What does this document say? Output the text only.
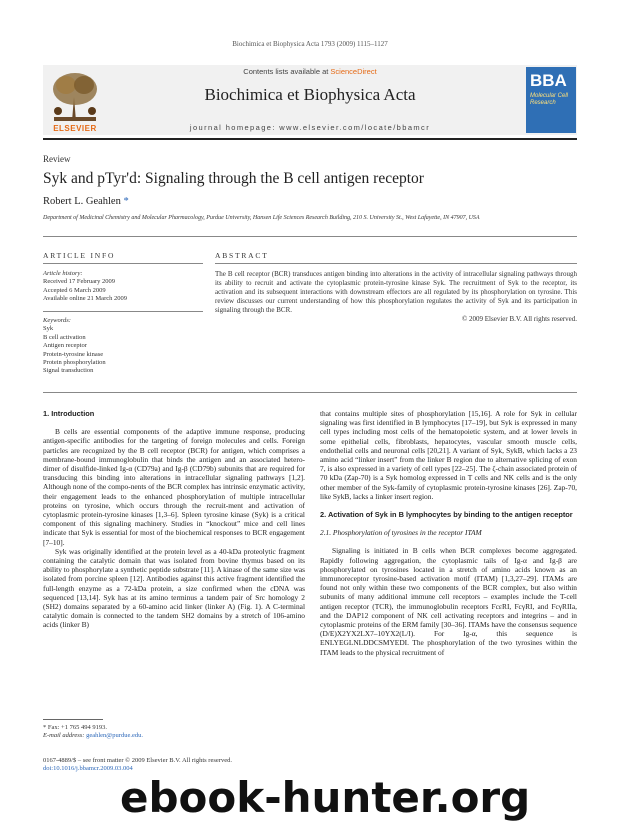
Biochimica et Biophysica Acta 1793 (2009) 1115–1127
ELSEVIER
Contents lists available at ScienceDirect
Biochimica et Biophysica Acta
journal homepage: www.elsevier.com/locate/bbamcr
BBA
Molecular Cell Research
Review
Syk and pTyr'd: Signaling through the B cell antigen receptor
Robert L. Geahlen *
Department of Medicinal Chemistry and Molecular Pharmacology, Purdue University, Hansen Life Sciences Research Building, 210 S. University St., West Lafayette, IN 47907, USA
ARTICLE INFO	ABSTRACT
Article history:
Received 17 February 2009
Accepted 6 March 2009
Available online 21 March 2009
Keywords:
Syk
B cell activation
Antigen receptor
Protein-tyrosine kinase
Protein phosphorylation
Signal transduction
The B cell receptor (BCR) transduces antigen binding into alterations in the activity of intracellular signaling pathways through its ability to recruit and activate the cytoplasmic protein-tyrosine kinase Syk. The recruitment of Syk to the receptor, its activation and its subsequent interactions with downstream effectors are all regulated by its phosphorylation on tyrosine. This review discusses our current understanding of how this phosphorylation regulates the activity of Syk and its participation in signaling through the BCR.
© 2009 Elsevier B.V. All rights reserved.

1. Introduction

B cells are essential components of the adaptive immune response, producing antigen-specific antibodies for the targeting of foreign molecules and cells. Foreign particles are recognized by the B cell receptor (BCR) for antigen, which comprises a membrane-bound immunoglobulin that binds the antigen and an associated hetero-dimer of disulfide-linked Ig-α (CD79a) and Ig-β (CD79b) subunits that are required for transducing this binding into alterations in intracellular signaling pathways [1,2]. Although none of the compo-nents of the BCR complex has intrinsic enzymatic activity, their engagement leads to the enhanced phosphorylation of multiple intracellular proteins on tyrosine, which occurs through the recruit-ment and activation of cytoplasmic protein-tyrosine kinases [1,3–6]. Spleen tyrosine kinase (Syk) is a critical component of this signaling machinery. Studies in “knockout” mice and cell lines indicate that Syk is essential for most of the biochemical responses to BCR engagement [7–10].

Syk was originally identified at the protein level as a 40-kDa proteolytic fragment containing the catalytic domain that was isolated from bovine thymus based on its ability to phosphorylate a synthetic peptide substrate [11]. A kinase of the same size was isolated from porcine spleen [12]. Antibodies against this active fragment identified the full-length enzyme as a 72-kDa protein, a size confirmed when the cDNA was sequenced [13,14]. Syk has at its amino terminus a tandem pair of Src homology 2 (SH2) domains separated by a 60-amino acid linker (linker A) (Fig. 1). A C-terminal catalytic domain is connected to the tandem SH2 domains by a stretch of 106-amino acids (linker B)

that contains multiple sites of phosphorylation [15,16]. A role for Syk in cellular signaling was first identified in B lymphocytes [17–19], but Syk is expressed in many cell types including most cells of the hematopoietic system, and at lower levels in some epithelial cells, fibroblasts, hepatocytes, vascular smooth muscle cells, endothelial cells and neuronal cells [20,21]. A variant of Syk, SykB, which lacks a 23 amino acid “linker insert” from the linker B region due to alternative splicing of exon 7, is also expressed in a variety of cell types [22–25]. The ζ-chain associated protein of 70 kDa (Zap-70) is a Syk homolog expressed in T cells and NK cells and is the only other member of the Syk-family of cytoplasmic protein-tyrosine kinases [26]. Zap-70, like SykB, lacks a linker insert region.

2. Activation of Syk in B lymphocytes by binding to the antigen receptor

2.1. Phosphorylation of tyrosines in the receptor ITAM

Signaling is initiated in B cells when BCR complexes become aggregated. Rapidly following aggregation, the cytoplasmic tails of Ig-α and Ig-β are phosphorylated on tyrosines located in a stretch of amino acids known as an immunoreceptor tyrosine-based activation motif (ITAM) [1,3,27–29]. ITAMs are found not only within these two components of the BCR complex, but also within subunits of many additional immune cell receptors – examples include the T-cell antigen receptor (TCR), the immunoglobulin receptors FcεRI, FcγRI, and FcγRIIa, and the DAP12 component of NK cell activating receptors and integrins – and in cytoplasmic proteins of the ERM family [30–36]. ITAMs have the consensus sequence (D/E)X2YX2LX7–10YX2(L/I). For Ig-α, this sequence is ENLYEGLNLDDCSMYEDI. The phosphorylation of the two tyrosines within the ITAM leads to the physical recruitment of

* Fax: +1 765 494 9193.
E-mail address: geahlen@purdue.edu.
0167-4889/$ – see front matter © 2009 Elsevier B.V. All rights reserved.
doi:10.1016/j.bbamcr.2009.03.004
ebook-hunter.org
